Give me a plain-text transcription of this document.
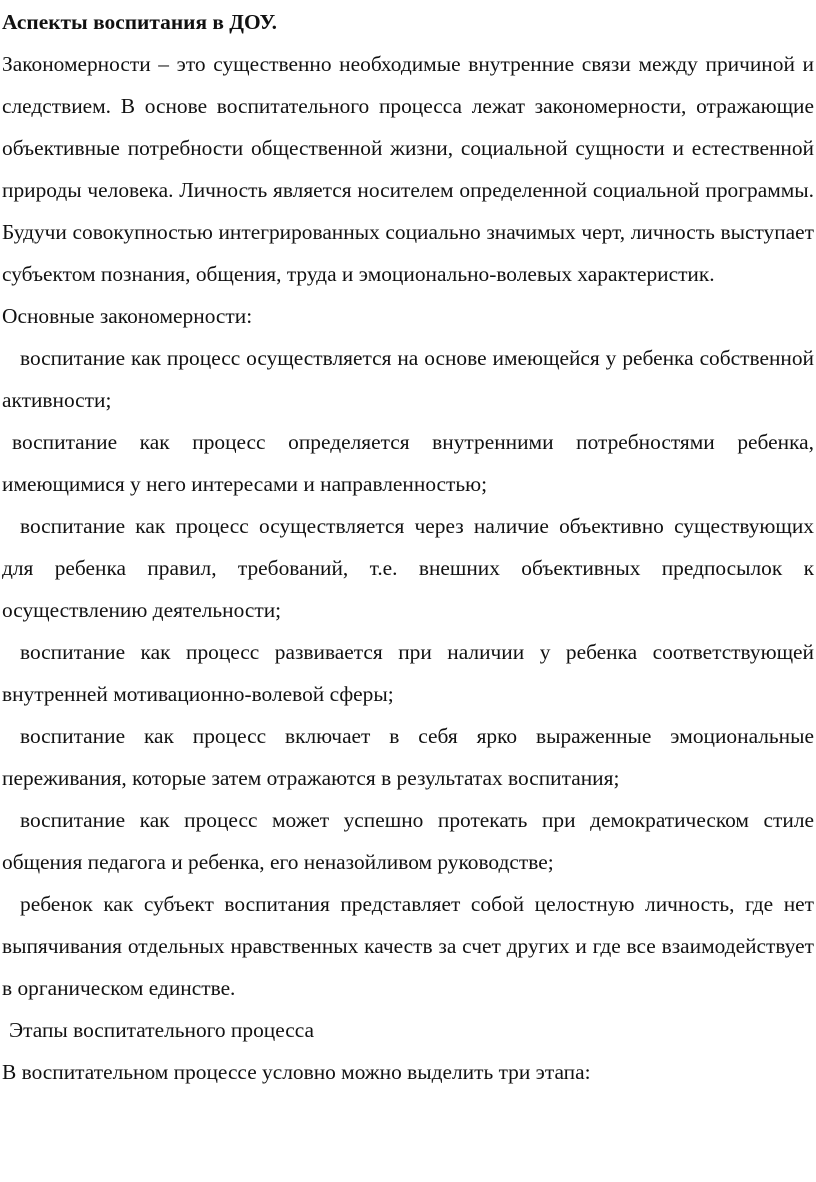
Аспекты воспитания в ДОУ.

Закономерности – это существенно необходимые внутренние связи между причиной и следствием. В основе воспитательного процесса лежат закономерности, отражающие объективные потребности общественной жизни, социальной сущности и естественной природы человека. Личность является носителем определенной социальной программы. Будучи совокупностью интегрированных социально значимых черт, личность выступает субъектом познания, общения, труда и эмоционально-волевых характеристик.

Основные закономерности:

воспитание как процесс осуществляется на основе имеющейся у ребенка собственной активности;

воспитание как процесс определяется внутренними потребностями ребенка, имеющимися у него интересами и направленностью;

воспитание как процесс осуществляется через наличие объективно существующих для ребенка правил, требований, т.е. внешних объективных предпосылок к осуществлению деятельности;

воспитание как процесс развивается при наличии у ребенка соответствующей внутренней мотивационно-волевой сферы;

воспитание как процесс включает в себя ярко выраженные эмоциональные переживания, которые затем отражаются в результатах воспитания;

воспитание как процесс может успешно протекать при демократическом стиле общения педагога и ребенка, его неназойливом руководстве;

ребенок как субъект воспитания представляет собой целостную личность, где нет выпячивания отдельных нравственных качеств за счет других и где все взаимодействует в органическом единстве.

Этапы воспитательного процесса

В воспитательном процессе условно можно выделить три этапа:
